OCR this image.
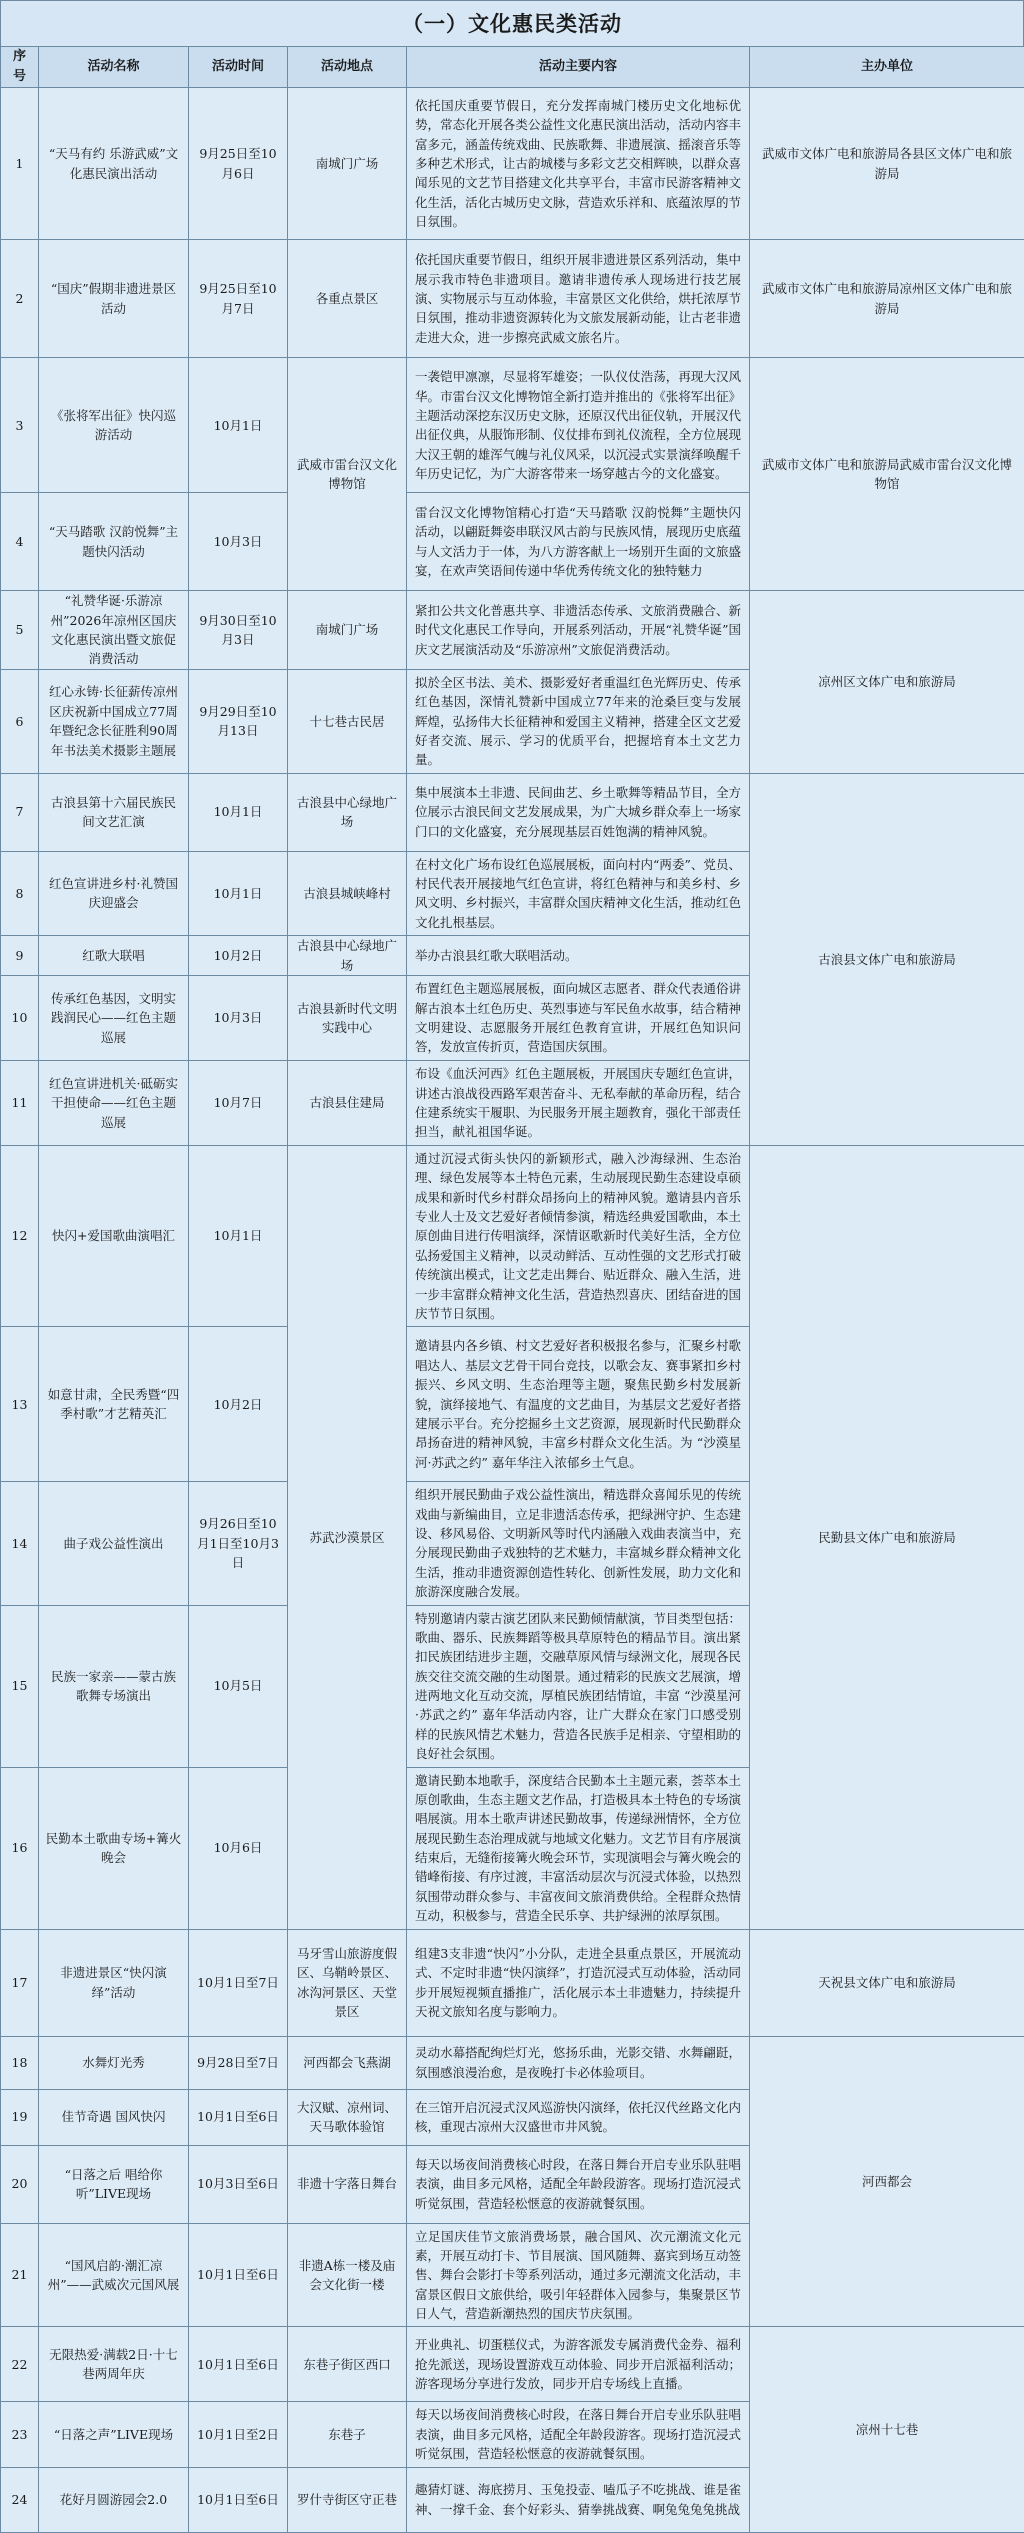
（一）文化惠民类活动
序号	活动名称	活动时间	活动地点	活动主要内容	主办单位
1	“天马有约 乐游武威”文化惠民演出活动	9月25日至10月6日	南城门广场	依托国庆重要节假日，充分发挥南城门楼历史文化地标优势，常态化开展各类公益性文化惠民演出活动，活动内容丰富多元，涵盖传统戏曲、民族歌舞、非遗展演、摇滚音乐等多种艺术形式，让古韵城楼与多彩文艺交相辉映，以群众喜闻乐见的文艺节目搭建文化共享平台，丰富市民游客精神文化生活，活化古城历史文脉，营造欢乐祥和、底蕴浓厚的节日氛围。	武威市文体广电和旅游局各县区文体广电和旅游局
2	“国庆”假期非遗进景区活动	9月25日至10月7日	各重点景区	依托国庆重要节假日，组织开展非遗进景区系列活动，集中展示我市特色非遗项目。邀请非遗传承人现场进行技艺展演、实物展示与互动体验，丰富景区文化供给，烘托浓厚节日氛围，推动非遗资源转化为文旅发展新动能，让古老非遗走进大众，进一步擦亮武威文旅名片。	武威市文体广电和旅游局凉州区文体广电和旅游局
3	《张将军出征》快闪巡游活动	10月1日	武威市雷台汉文化博物馆	一袭铠甲凛凛，尽显将军雄姿；一队仪仗浩荡，再现大汉风华。市雷台汉文化博物馆全新打造并推出的《张将军出征》主题活动深挖东汉历史文脉，还原汉代出征仪轨，开展汉代出征仪典，从服饰形制、仪仗排布到礼仪流程，全方位展现大汉王朝的雄浑气魄与礼仪风采，以沉浸式实景演绎唤醒千年历史记忆，为广大游客带来一场穿越古今的文化盛宴。	武威市文体广电和旅游局武威市雷台汉文化博物馆
4	“天马踏歌 汉韵悦舞”主题快闪活动	10月3日		雷台汉文化博物馆精心打造“天马踏歌 汉韵悦舞”主题快闪活动，以翩跹舞姿串联汉风古韵与民族风情，展现历史底蕴与人文活力于一体，为八方游客献上一场别开生面的文旅盛宴，在欢声笑语间传递中华优秀传统文化的独特魅力	
5	“礼赞华诞·乐游凉州”2026年凉州区国庆文化惠民演出暨文旅促消费活动	9月30日至10月3日	南城门广场	紧扣公共文化普惠共享、非遗活态传承、文旅消费融合、新时代文化惠民工作导向，开展系列活动，开展“礼赞华诞”国庆文艺展演活动及“乐游凉州”文旅促消费活动。	凉州区文体广电和旅游局
6	红心永铸·长征薪传凉州区庆祝新中国成立77周年暨纪念长征胜利90周年书法美术摄影主题展	9月29日至10月13日	十七巷古民居	拟於全区书法、美术、摄影爱好者重温红色光辉历史、传承红色基因，深情礼赞新中国成立77年来的沧桑巨变与发展辉煌，弘扬伟大长征精神和爱国主义精神，搭建全区文艺爱好者交流、展示、学习的优质平台，把握培育本土文艺力量。	
7	古浪县第十六届民族民间文艺汇演	10月1日	古浪县中心绿地广场	集中展演本土非遗、民间曲艺、乡土歌舞等精品节目，全方位展示古浪民间文艺发展成果，为广大城乡群众奉上一场家门口的文化盛宴，充分展现基层百姓饱满的精神风貌。	古浪县文体广电和旅游局
8	红色宣讲进乡村·礼赞国庆迎盛会	10月1日	古浪县城峡峰村	在村文化广场布设红色巡展展板，面向村内“两委”、党员、村民代表开展接地气红色宣讲，将红色精神与和美乡村、乡风文明、乡村振兴，丰富群众国庆精神文化生活，推动红色文化扎根基层。	
9	红歌大联唱	10月2日	古浪县中心绿地广场	举办古浪县红歌大联唱活动。	
10	传承红色基因，文明实践润民心——红色主题巡展	10月3日	古浪县新时代文明实践中心	布置红色主题巡展展板，面向城区志愿者、群众代表通俗讲解古浪本土红色历史、英烈事迹与军民鱼水故事，结合精神文明建设、志愿服务开展红色教育宣讲，开展红色知识问答，发放宣传折页，营造国庆氛围。	
11	红色宣讲进机关·砥砺实干担使命——红色主题巡展	10月7日	古浪县住建局	布设《血沃河西》红色主题展板，开展国庆专题红色宣讲，讲述古浪战役西路军艰苦奋斗、无私奉献的革命历程，结合住建系统实干履职、为民服务开展主题教育，强化干部责任担当，献礼祖国华诞。	
12	快闪+爱国歌曲演唱汇	10月1日	苏武沙漠景区	通过沉浸式街头快闪的新颖形式，融入沙海绿洲、生态治理、绿色发展等本土特色元素，生动展现民勤生态建设卓硕成果和新时代乡村群众昂扬向上的精神风貌。邀请县内音乐专业人士及文艺爱好者倾情参演，精选经典爱国歌曲，本土原创曲目进行传唱演绎，深情讴歌新时代美好生活，全方位弘扬爱国主义精神，以灵动鲜活、互动性强的文艺形式打破传统演出模式，让文艺走出舞台、贴近群众、融入生活，进一步丰富群众精神文化生活，营造热烈喜庆、团结奋进的国庆节节日氛围。	民勤县文体广电和旅游局
13	如意甘肃，全民秀暨“四季村歌”才艺精英汇	10月2日		邀请县内各乡镇、村文艺爱好者积极报名参与，汇聚乡村歌唱达人、基层文艺骨干同台竞技，以歌会友、赛事紧扣乡村振兴、乡风文明、生态治理等主题，聚焦民勤乡村发展新貌，演绎接地气、有温度的文艺曲目，为基层文艺爱好者搭建展示平台。充分挖掘乡土文艺资源，展现新时代民勤群众昂扬奋进的精神风貌，丰富乡村群众文化生活。为 “沙漠星河·苏武之约” 嘉年华注入浓郁乡土气息。	
14	曲子戏公益性演出	9月26日至10月1日至10月3日		组织开展民勤曲子戏公益性演出，精选群众喜闻乐见的传统戏曲与新编曲目，立足非遗活态传承，把绿洲守护、生态建设、移风易俗、文明新风等时代内涵融入戏曲表演当中，充分展现民勤曲子戏独特的艺术魅力，丰富城乡群众精神文化生活，推动非遗资源创造性转化、创新性发展，助力文化和旅游深度融合发展。	
15	民族一家亲——蒙古族歌舞专场演出	10月5日		特别邀请内蒙古演艺团队来民勤倾情献演，节目类型包括：歌曲、器乐、民族舞蹈等极具草原特色的精品节目。演出紧扣民族团结进步主题，交融草原风情与绿洲文化，展现各民族交往交流交融的生动图景。通过精彩的民族文艺展演，增进两地文化互动交流，厚植民族团结情谊，丰富 “沙漠星河·苏武之约” 嘉年华活动内容，让广大群众在家门口感受别样的民族风情艺术魅力，营造各民族手足相亲、守望相助的良好社会氛围。	
16	民勤本土歌曲专场+篝火晚会	10月6日		邀请民勤本地歌手，深度结合民勤本土主题元素，荟萃本土原创歌曲，生态主题文艺作品，打造极具本土特色的专场演唱展演。用本土歌声讲述民勤故事，传递绿洲情怀，全方位展现民勤生态治理成就与地域文化魅力。文艺节目有序展演结束后，无缝衔接篝火晚会环节，实现演唱会与篝火晚会的错峰衔接、有序过渡，丰富活动层次与沉浸式体验，以热烈氛围带动群众参与、丰富夜间文旅消费供给。全程群众热情互动，积极参与，营造全民乐享、共护绿洲的浓厚氛围。	
17	非遗进景区“快闪演绎”活动	10月1日至7日	马牙雪山旅游度假区、乌鞘岭景区、冰沟河景区、天堂景区	组建3支非遗“快闪”小分队，走进全县重点景区，开展流动式、不定时非遗“快闪演绎”，打造沉浸式互动体验，活动同步开展短视频直播推广，活化展示本土非遗魅力，持续提升天祝文旅知名度与影响力。	天祝县文体广电和旅游局
18	水舞灯光秀	9月28日至7日	河西都会飞燕湖	灵动水幕搭配绚烂灯光，悠扬乐曲，光影交错、水舞翩跹，氛围感浪漫治愈，是夜晚打卡必体验项目。	河西都会
19	佳节奇遇 国风快闪	10月1日至6日	大汉赋、凉州词、天马歌体验馆	在三馆开启沉浸式汉风巡游快闪演绎，依托汉代丝路文化内核，重现古凉州大汉盛世市井风貌。	
20	“日落之后 唱给你听”LIVE现场	10月3日至6日	非遗十字落日舞台	每天以场夜间消费核心时段，在落日舞台开启专业乐队驻唱表演，曲目多元风格，适配全年龄段游客。现场打造沉浸式听觉氛围，营造轻松惬意的夜游就餐氛围。	
21	“国风启韵·潮汇凉州”——武威次元国风展	10月1日至6日	非遗A栋一楼及庙会文化街一楼	立足国庆佳节文旅消费场景，融合国风、次元潮流文化元素，开展互动打卡、节目展演、国风随舞、嘉宾到场互动签售、舞台会影打卡等系列活动，通过多元潮流文化活动，丰富景区假日文旅供给，吸引年轻群体入园参与，集聚景区节日人气，营造新潮热烈的国庆节庆氛围。	
22	无限热爱·满载2日·十七巷两周年庆	10月1日至6日	东巷子街区西口	开业典礼、切蛋糕仪式，为游客派发专属消费代金券、福利抢先派送，现场设置游戏互动体验、同步开启派福利活动；游客现场分享进行发放，同步开启专场线上直播。	凉州十七巷
23	“日落之声”LIVE现场	10月1日至2日	东巷子	每天以场夜间消费核心时段，在落日舞台开启专业乐队驻唱表演，曲目多元风格，适配全年龄段游客。现场打造沉浸式听觉氛围，营造轻松惬意的夜游就餐氛围。	
24	花好月圆游园会2.0	10月1日至6日	罗什寺街区守正巷	趣猜灯谜、海底捞月、玉兔投壶、嗑瓜子不吃挑战、谁是雀神、一撑千金、套个好彩头、猜拳挑战赛、啊兔兔兔兔挑战	
